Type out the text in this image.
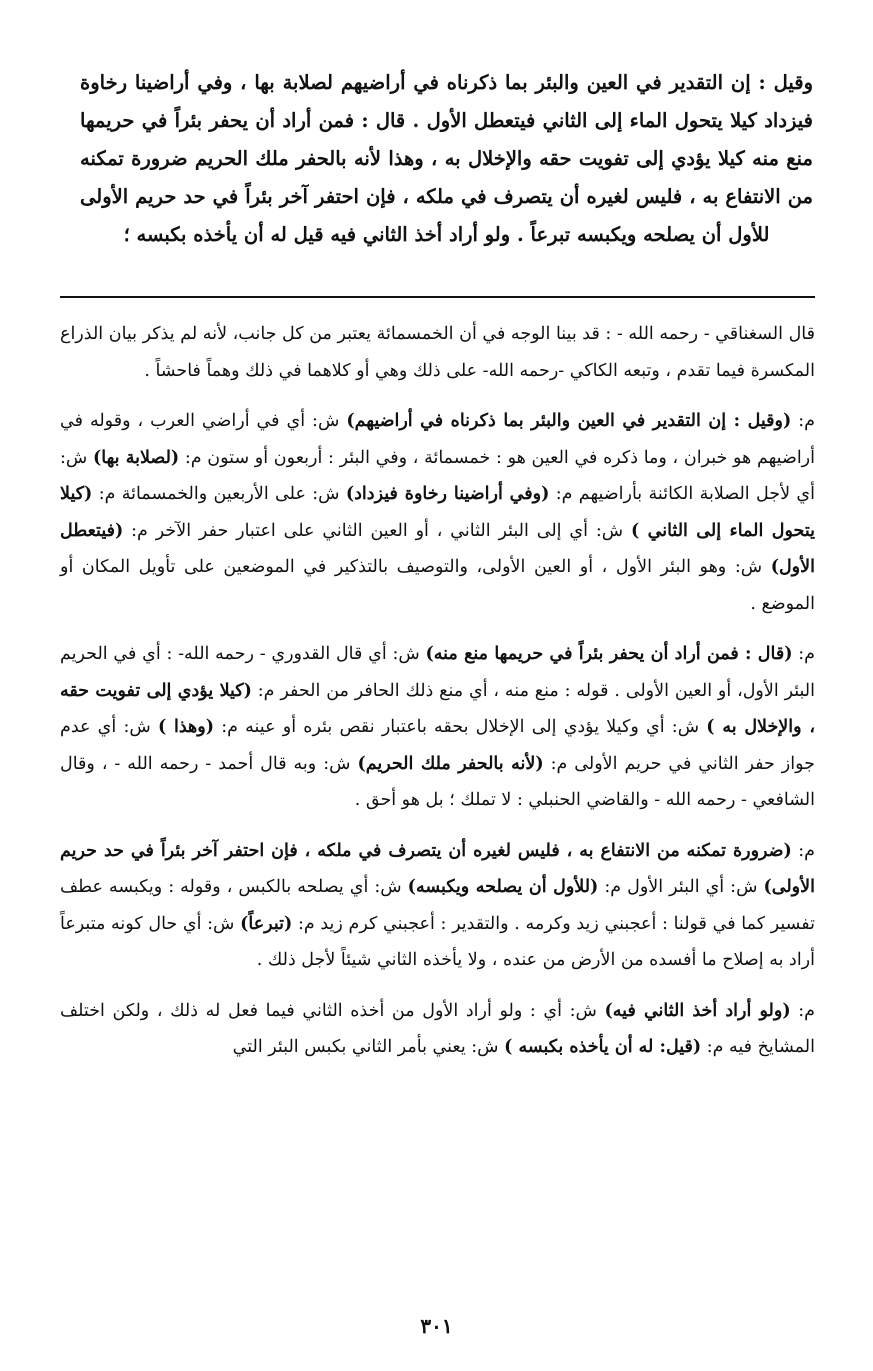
وقيل : إن التقدير في العين والبئر بما ذكرناه في أراضيهم لصلابة بها ، وفي أراضينا رخاوة فيزداد كيلا يتحول الماء إلى الثاني فيتعطل الأول . قال : فمن أراد أن يحفر بئراً في حريمها منع منه كيلا يؤدي إلى تفويت حقه والإخلال به ، وهذا لأنه بالحفر ملك الحريم ضرورة تمكنه من الانتفاع به ، فليس لغيره أن يتصرف في ملكه ، فإن احتفر آخر بئراً في حد حريم الأولى للأول أن يصلحه ويكبسه تبرعاً . ولو أراد أخذ الثاني فيه قيل له أن يأخذه بكبسه ؛

قال السغناقي - رحمه الله - : قد بينا الوجه في أن الخمسمائة يعتبر من كل جانب، لأنه لم يذكر بيان الذراع المكسرة فيما تقدم ، وتبعه الكاكي -رحمه الله- على ذلك وهي أو كلاهما في ذلك وهماً فاحشاً .

م: (وقيل : إن التقدير في العين والبئر بما ذكرناه في أراضيهم) ش: أي في أراضي العرب ، وقوله في أراضيهم هو خبران ، وما ذكره في العين هو : خمسمائة ، وفي البئر : أربعون أو ستون م: (لصلابة بها) ش: أي لأجل الصلابة الكائنة بأراضيهم م: (وفي أراضينا رخاوة فيزداد) ش: على الأربعين والخمسمائة م: (كيلا يتحول الماء إلى الثاني ) ش: أي إلى البئر الثاني ، أو العين الثاني على اعتبار حفر الآخر م: (فيتعطل الأول) ش: وهو البئر الأول ، أو العين الأولى، والتوصيف بالتذكير في الموضعين على تأويل المكان أو الموضع .

م: (قال : فمن أراد أن يحفر بئراً في حريمها منع منه) ش: أي قال القدوري - رحمه الله- : أي في الحريم البئر الأول، أو العين الأولى . قوله : منع منه ، أي منع ذلك الحافر من الحفر م: (كيلا يؤدي إلى تفويت حقه ، والإخلال به ) ش: أي وكيلا يؤدي إلى الإخلال بحقه باعتبار نقص بئره أو عينه م: (وهذا ) ش: أي عدم جواز حفر الثاني في حريم الأولى م: (لأنه بالحفر ملك الحريم) ش: وبه قال أحمد - رحمه الله - ، وقال الشافعي - رحمه الله - والقاضي الحنبلي : لا تملك ؛ بل هو أحق .

م: (ضرورة تمكنه من الانتفاع به ، فليس لغيره أن يتصرف في ملكه ، فإن احتفر آخر بئراً في حد حريم الأولى) ش: أي البئر الأول م: (للأول أن يصلحه ويكبسه) ش: أي يصلحه بالكبس ، وقوله : ويكبسه عطف تفسير كما في قولنا : أعجبني زيد وكرمه . والتقدير : أعجبني كرم زيد م: (تبرعاً) ش: أي حال كونه متبرعاً أراد به إصلاح ما أفسده من الأرض من عنده ، ولا يأخذه الثاني شيئاً لأجل ذلك .

م: (ولو أراد أخذ الثاني فيه) ش: أي : ولو أراد الأول من أخذه الثاني فيما فعل له ذلك ، ولكن اختلف المشايخ فيه م: (قيل: له أن يأخذه بكبسه ) ش: يعني بأمر الثاني بكبس البئر التي

٣٠١
